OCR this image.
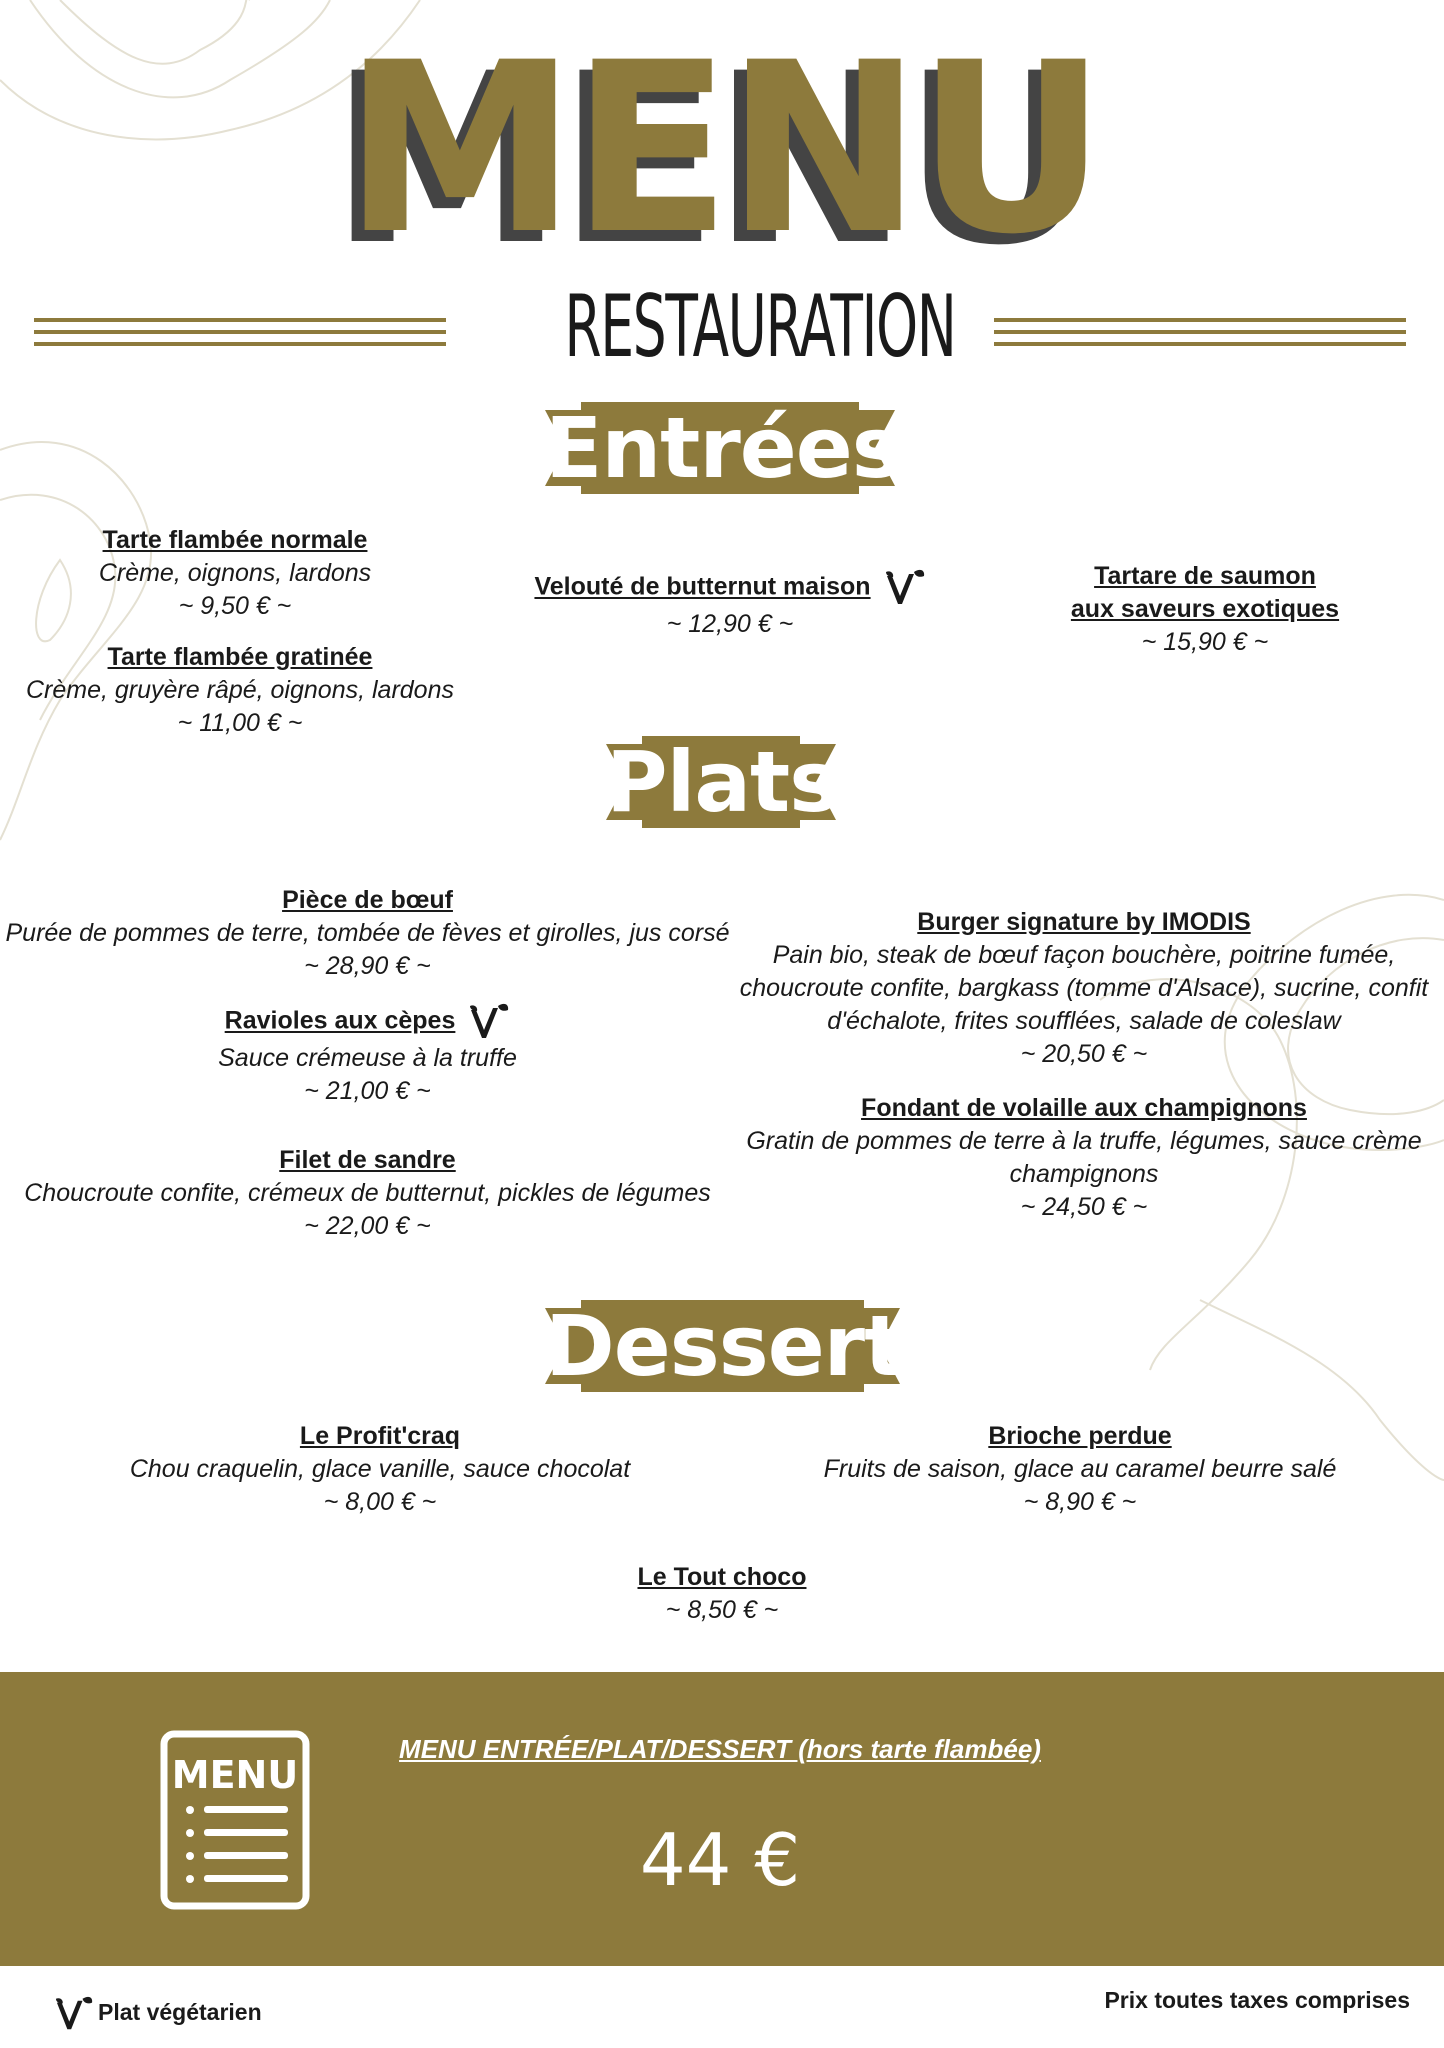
MENU
RESTAURATION
Entrées
Tarte flambée normale
Crème, oignons, lardons
~ 9,50 € ~
Tarte flambée gratinée
Crème, gruyère râpé, oignons, lardons
~ 11,00 € ~
Velouté de butternut maison
~ 12,90 € ~
Tartare de saumon
aux saveurs exotiques
~ 15,90 € ~
Plats
Pièce de bœuf
Purée de pommes de terre, tombée de fèves et girolles, jus corsé
~ 28,90 € ~
Ravioles aux cèpes
Sauce crémeuse à la truffe
~ 21,00 € ~
Filet de sandre
Choucroute confite, crémeux de butternut, pickles de légumes
~ 22,00 € ~
Burger signature by IMODIS
Pain bio, steak de bœuf façon bouchère, poitrine fumée,
choucroute confite, bargkass (tomme d'Alsace), sucrine, confit
d'échalote, frites soufflées, salade de coleslaw
~ 20,50 € ~
Fondant de volaille aux champignons
Gratin de pommes de terre à la truffe, légumes, sauce crème
champignons
~ 24,50 € ~
Desserts
Le Profit'craq
Chou craquelin, glace vanille, sauce chocolat
~ 8,00 € ~
Brioche perdue
Fruits de saison, glace au caramel beurre salé
~ 8,90 € ~
Le Tout choco
~ 8,50 € ~
MENU
MENU ENTRÉE/PLAT/DESSERT (hors tarte flambée)
44 €
Plat végétarien	Prix toutes taxes comprises
